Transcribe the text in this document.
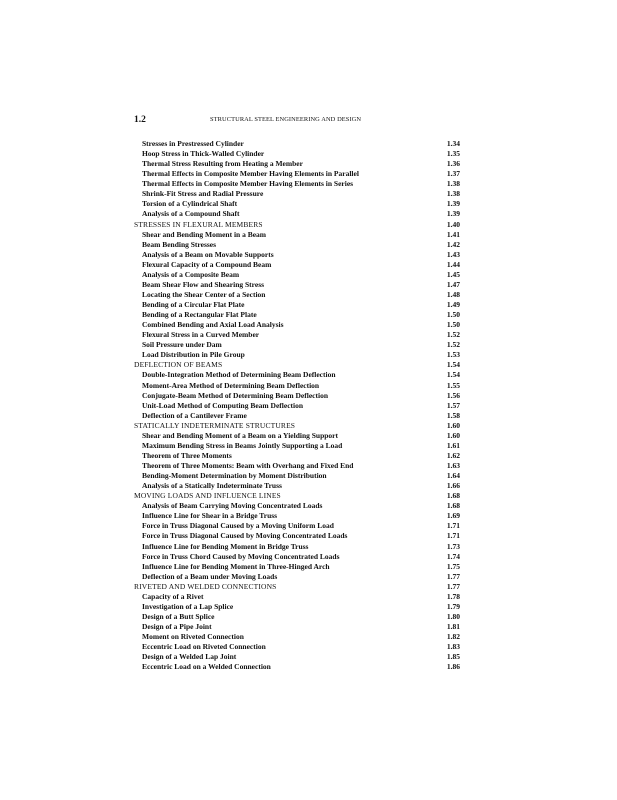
1.2	STRUCTURAL STEEL ENGINEERING AND DESIGN
Stresses in Prestressed Cylinder	1.34
Hoop Stress in Thick-Walled Cylinder	1.35
Thermal Stress Resulting from Heating a Member	1.36
Thermal Effects in Composite Member Having Elements in Parallel	1.37
Thermal Effects in Composite Member Having Elements in Series	1.38
Shrink-Fit Stress and Radial Pressure	1.38
Torsion of a Cylindrical Shaft	1.39
Analysis of a Compound Shaft	1.39
STRESSES IN FLEXURAL MEMBERS	1.40
Shear and Bending Moment in a Beam	1.41
Beam Bending Stresses	1.42
Analysis of a Beam on Movable Supports	1.43
Flexural Capacity of a Compound Beam	1.44
Analysis of a Composite Beam	1.45
Beam Shear Flow and Shearing Stress	1.47
Locating the Shear Center of a Section	1.48
Bending of a Circular Flat Plate	1.49
Bending of a Rectangular Flat Plate	1.50
Combined Bending and Axial Load Analysis	1.50
Flexural Stress in a Curved Member	1.52
Soil Pressure under Dam	1.52
Load Distribution in Pile Group	1.53
DEFLECTION OF BEAMS	1.54
Double-Integration Method of Determining Beam Deflection	1.54
Moment-Area Method of Determining Beam Deflection	1.55
Conjugate-Beam Method of Determining Beam Deflection	1.56
Unit-Load Method of Computing Beam Deflection	1.57
Deflection of a Cantilever Frame	1.58
STATICALLY INDETERMINATE STRUCTURES	1.60
Shear and Bending Moment of a Beam on a Yielding Support	1.60
Maximum Bending Stress in Beams Jointly Supporting a Load	1.61
Theorem of Three Moments	1.62
Theorem of Three Moments: Beam with Overhang and Fixed End	1.63
Bending-Moment Determination by Moment Distribution	1.64
Analysis of a Statically Indeterminate Truss	1.66
MOVING LOADS AND INFLUENCE LINES	1.68
Analysis of Beam Carrying Moving Concentrated Loads	1.68
Influence Line for Shear in a Bridge Truss	1.69
Force in Truss Diagonal Caused by a Moving Uniform Load	1.71
Force in Truss Diagonal Caused by Moving Concentrated Loads	1.71
Influence Line for Bending Moment in Bridge Truss	1.73
Force in Truss Chord Caused by Moving Concentrated Loads	1.74
Influence Line for Bending Moment in Three-Hinged Arch	1.75
Deflection of a Beam under Moving Loads	1.77
RIVETED AND WELDED CONNECTIONS	1.77
Capacity of a Rivet	1.78
Investigation of a Lap Splice	1.79
Design of a Butt Splice	1.80
Design of a Pipe Joint	1.81
Moment on Riveted Connection	1.82
Eccentric Load on Riveted Connection	1.83
Design of a Welded Lap Joint	1.85
Eccentric Load on a Welded Connection	1.86
